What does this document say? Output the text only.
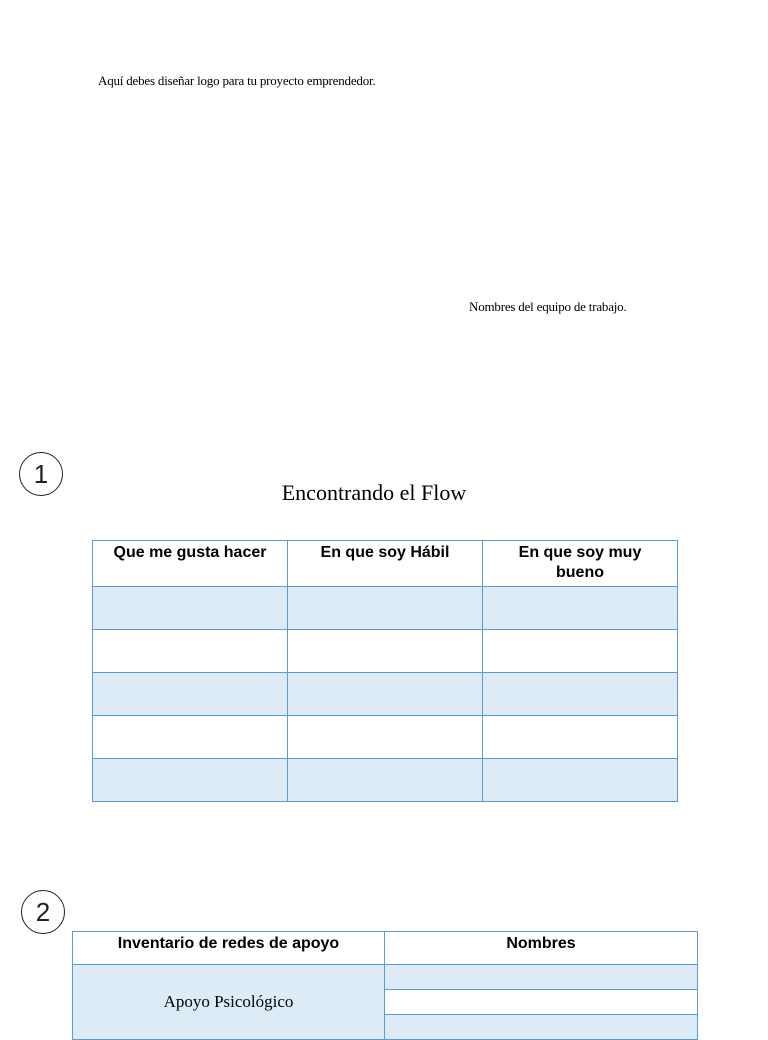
Aquí debes diseñar logo para tu proyecto emprendedor.
Nombres del equipo de trabajo.
1
Encontrando el Flow
Que me gusta hacer	En que soy Hábil	En que soy muy bueno

2
Inventario de redes de apoyo	Nombres
Apoyo Psicológico	
